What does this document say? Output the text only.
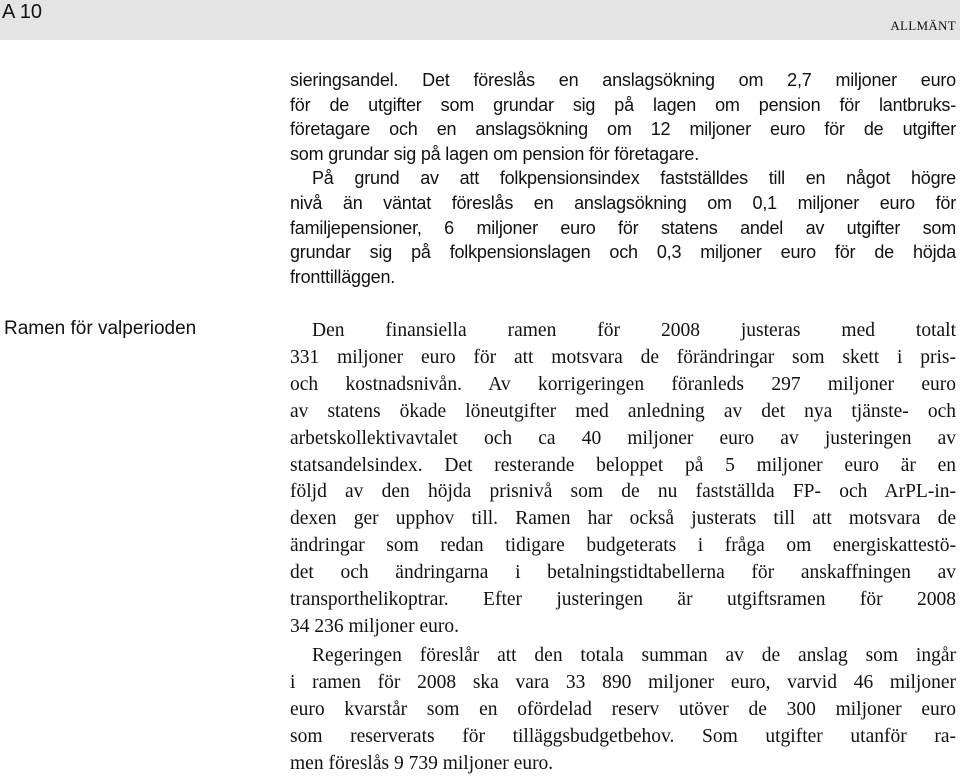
A 10
ALLMÄNT
Ramen för valperioden

sieringsandel. Det föreslås en anslagsökning om 2,7 miljoner euro
för de utgifter som grundar sig på lagen om pension för lantbruks-
företagare och en anslagsökning om 12 miljoner euro för de utgifter
som grundar sig på lagen om pension för företagare.

På grund av att folkpensionsindex fastställdes till en något högre

nivå än väntat föreslås en anslagsökning om 0,1 miljoner euro för
familjepensioner, 6 miljoner euro för statens andel av utgifter som
grundar sig på folkpensionslagen och 0,3 miljoner euro för de höjda
fronttilläggen.

Den finansiella ramen för 2008 justeras med totalt

331 miljoner euro för att motsvara de förändringar som skett i pris-
och kostnadsnivån. Av korrigeringen föranleds 297 miljoner euro
av statens ökade löneutgifter med anledning av det nya tjänste- och
arbetskollektivavtalet och ca 40 miljoner euro av justeringen av
statsandelsindex. Det resterande beloppet på 5 miljoner euro är en
följd av den höjda prisnivå som de nu fastställda FP- och ArPL-in-
dexen ger upphov till. Ramen har också justerats till att motsvara de
ändringar som redan tidigare budgeterats i fråga om energiskattestö-
det och ändringarna i betalningstidtabellerna för anskaffningen av
transporthelikoptrar. Efter justeringen är utgiftsramen för 2008
34 236 miljoner euro.

Regeringen föreslår att den totala summan av de anslag som ingår

i ramen för 2008 ska vara 33 890 miljoner euro, varvid 46 miljoner
euro kvarstår som en ofördelad reserv utöver de 300 miljoner euro
som reserverats för tilläggsbudgetbehov. Som utgifter utanför ra-
men föreslås 9 739 miljoner euro.
